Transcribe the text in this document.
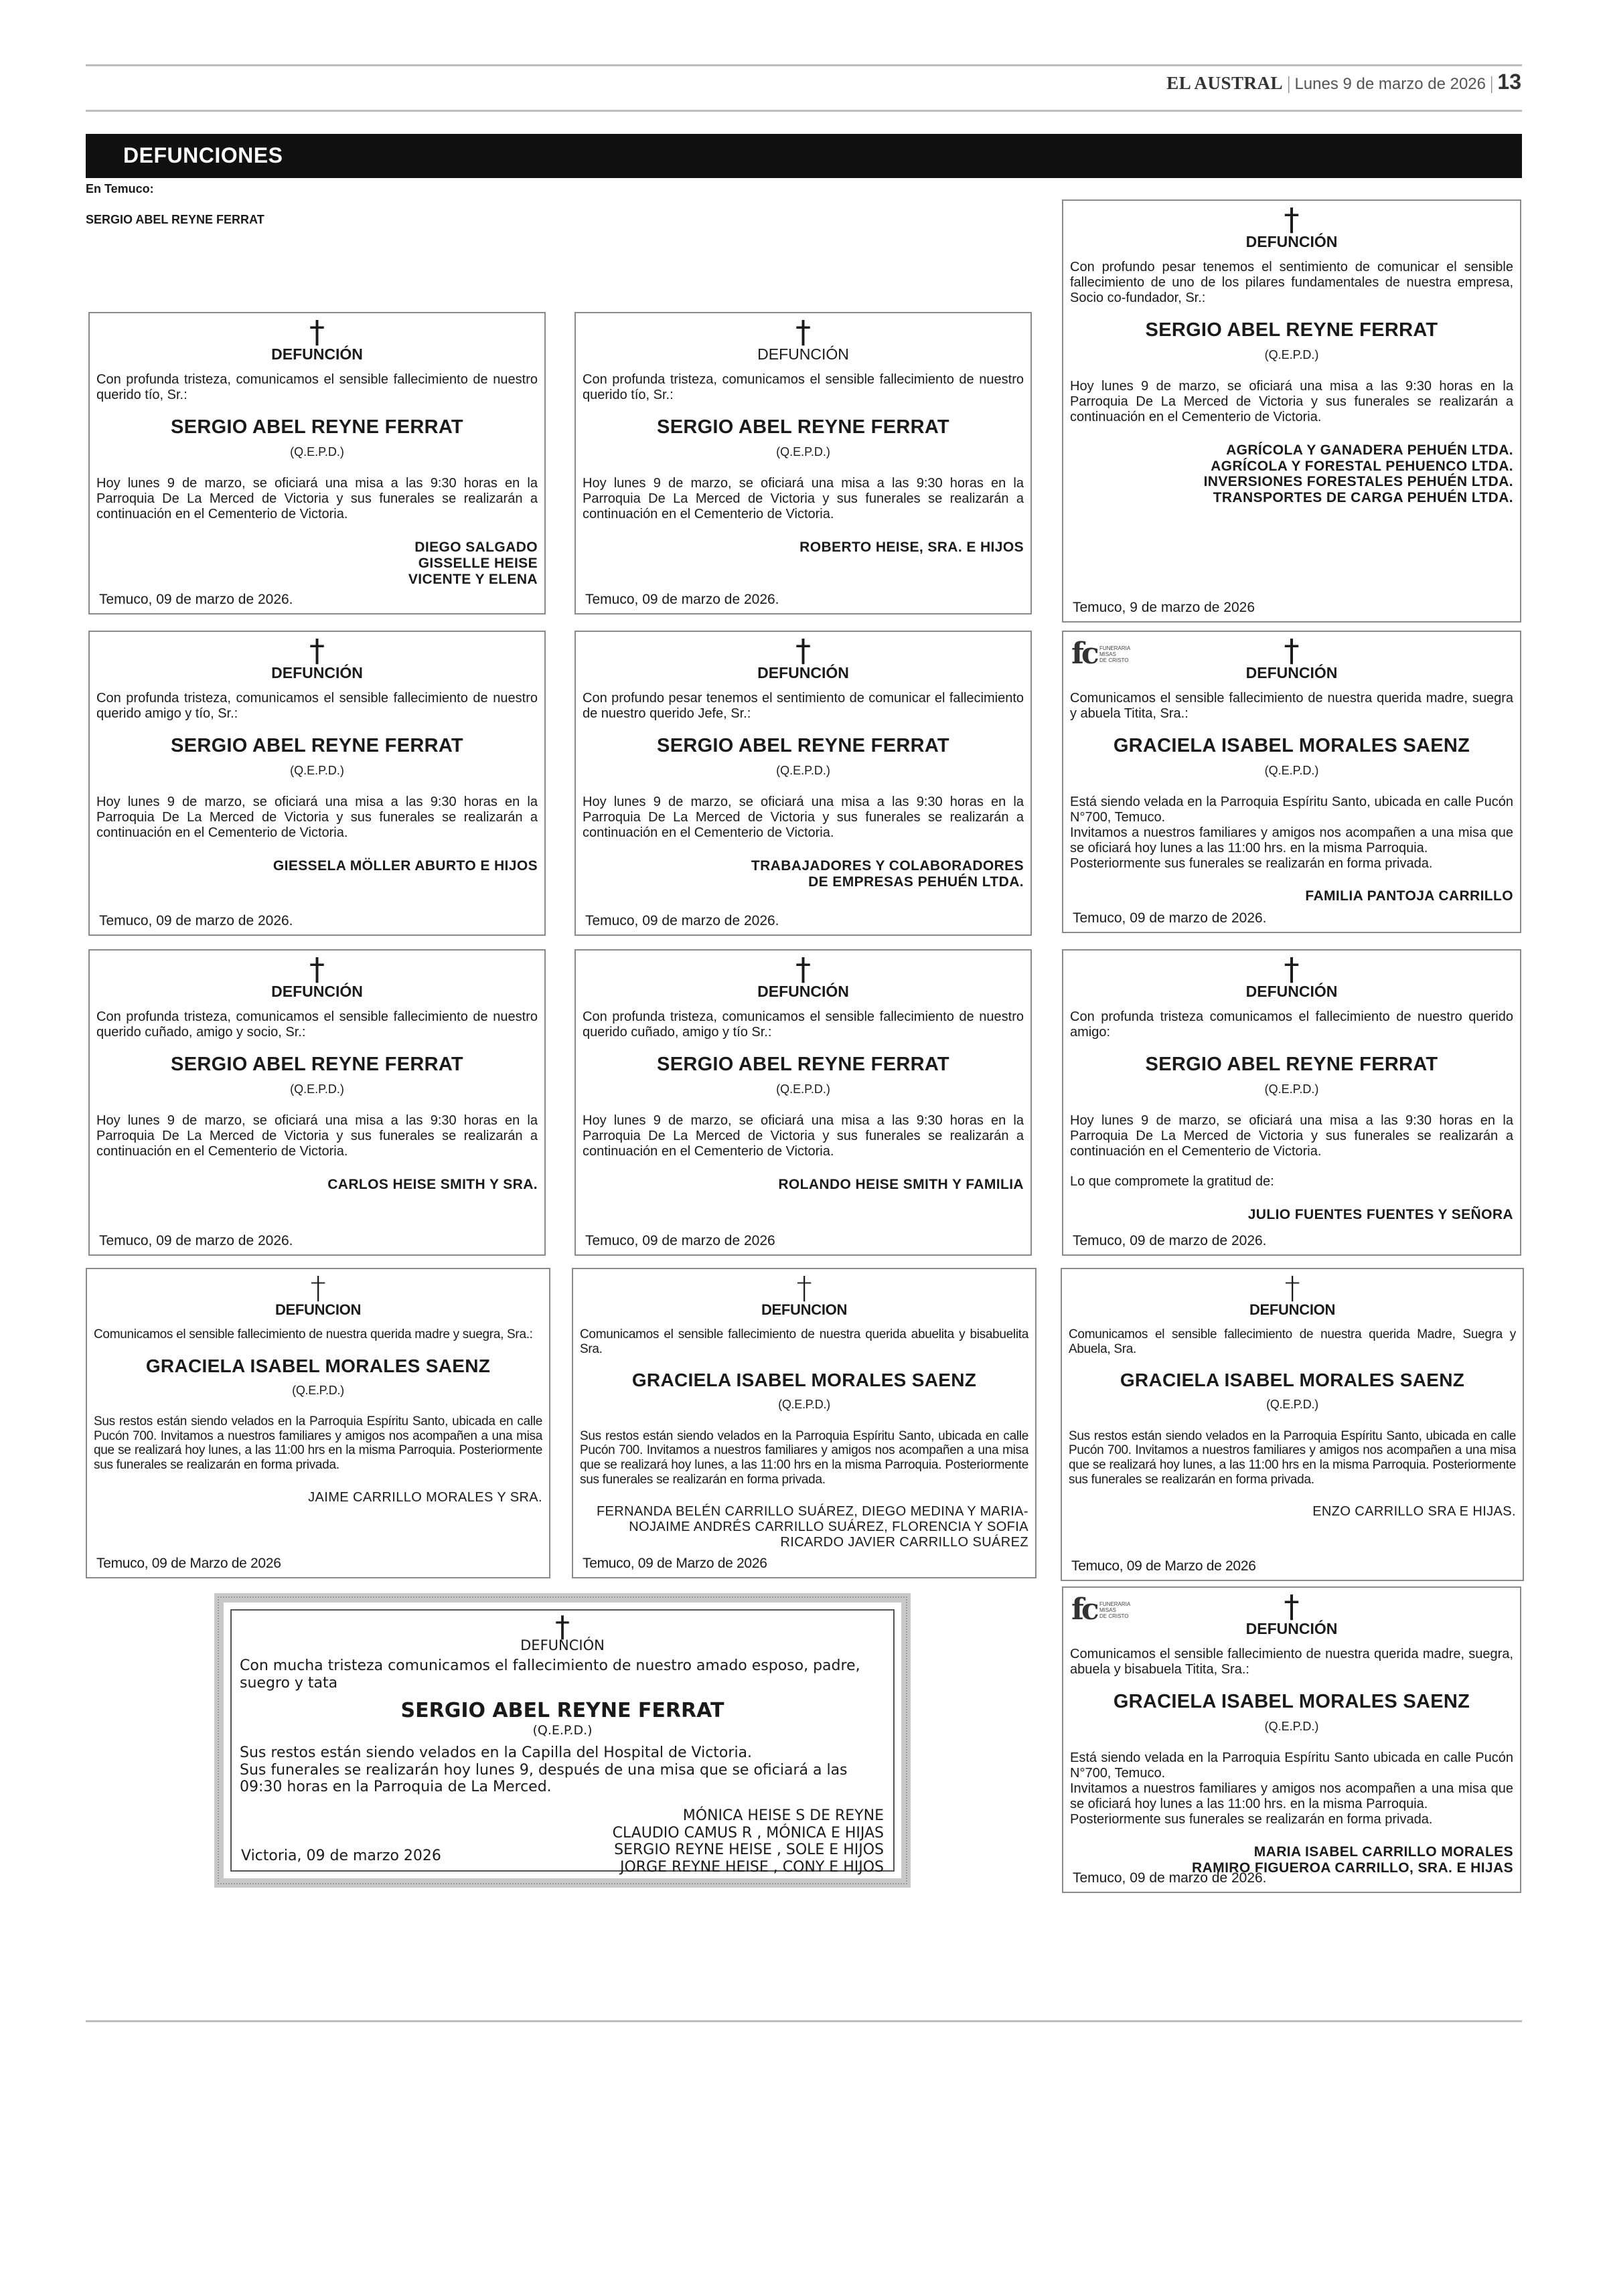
EL AUSTRAL | Lunes 9 de marzo de 2026 | 13
DEFUNCIONES
En Temuco:
SERGIO ABEL REYNE FERRAT
†
DEFUNCIÓN
Con profunda tristeza, comunicamos el sensible fallecimiento de nuestro querido tío, Sr.:
SERGIO ABEL REYNE FERRAT
(Q.E.P.D.)
Hoy lunes 9 de marzo, se oficiará una misa a las 9:30 horas en la Parroquia De La Merced de Victoria y sus funerales se realizarán a continuación en el Cementerio de Victoria.
DIEGO SALGADO
GISSELLE HEISE
VICENTE Y ELENA
Temuco, 09 de marzo de 2026.
†
DEFUNCIÓN
Con profunda tristeza, comunicamos el sensible fallecimiento de nuestro querido tío, Sr.:
SERGIO ABEL REYNE FERRAT
(Q.E.P.D.)
Hoy lunes 9 de marzo, se oficiará una misa a las 9:30 horas en la Parroquia De La Merced de Victoria y sus funerales se realizarán a continuación en el Cementerio de Victoria.
ROBERTO HEISE, SRA. E HIJOS
Temuco, 09 de marzo de 2026.
†
DEFUNCIÓN
Con profundo pesar tenemos el sentimiento de comunicar el sensible fallecimiento de uno de los pilares fundamentales de nuestra empresa, Socio co-fundador, Sr.:
SERGIO ABEL REYNE FERRAT
(Q.E.P.D.)
Hoy lunes 9 de marzo, se oficiará una misa a las 9:30 horas en la Parroquia De La Merced de Victoria y sus funerales se realizarán a continuación en el Cementerio de Victoria.
AGRÍCOLA Y GANADERA PEHUÉN LTDA.
AGRÍCOLA Y FORESTAL PEHUENCO LTDA.
INVERSIONES FORESTALES PEHUÉN LTDA.
TRANSPORTES DE CARGA PEHUÉN LTDA.
Temuco, 9 de marzo de 2026
†
DEFUNCIÓN
Con profunda tristeza, comunicamos el sensible fallecimiento de nuestro querido amigo y tío, Sr.:
SERGIO ABEL REYNE FERRAT
(Q.E.P.D.)
Hoy lunes 9 de marzo, se oficiará una misa a las 9:30 horas en la Parroquia De La Merced de Victoria y sus funerales se realizarán a continuación en el Cementerio de Victoria.
GIESSELA MÖLLER ABURTO E HIJOS
Temuco, 09 de marzo de 2026.
†
DEFUNCIÓN
Con profundo pesar tenemos el sentimiento de comunicar el fallecimiento de nuestro querido Jefe, Sr.:
SERGIO ABEL REYNE FERRAT
(Q.E.P.D.)
Hoy lunes 9 de marzo, se oficiará una misa a las 9:30 horas en la Parroquia De La Merced de Victoria y sus funerales se realizarán a continuación en el Cementerio de Victoria.
TRABAJADORES Y COLABORADORES
DE EMPRESAS PEHUÉN LTDA.
Temuco, 09 de marzo de 2026.
†
DEFUNCIÓN
Comunicamos el sensible fallecimiento de nuestra querida madre, suegra y abuela Titita, Sra.:
GRACIELA ISABEL MORALES SAENZ
(Q.E.P.D.)
Está siendo velada en la Parroquia Espíritu Santo, ubicada en calle Pucón N°700, Temuco.
Invitamos a nuestros familiares y amigos nos acompañen a una misa que se oficiará hoy lunes a las 11:00 hrs. en la misma Parroquia.
Posteriormente sus funerales se realizarán en forma privada.
FAMILIA PANTOJA CARRILLO
Temuco, 09 de marzo de 2026.
fc FUNERARIA
MISAS
DE CRISTO
†
DEFUNCIÓN
Con profunda tristeza, comunicamos el sensible fallecimiento de nuestro querido cuñado, amigo y socio, Sr.:
SERGIO ABEL REYNE FERRAT
(Q.E.P.D.)
Hoy lunes 9 de marzo, se oficiará una misa a las 9:30 horas en la Parroquia De La Merced de Victoria y sus funerales se realizarán a continuación en el Cementerio de Victoria.
CARLOS HEISE SMITH Y SRA.
Temuco, 09 de marzo de 2026.
†
DEFUNCIÓN
Con profunda tristeza, comunicamos el sensible fallecimiento de nuestro querido cuñado, amigo y tío Sr.:
SERGIO ABEL REYNE FERRAT
(Q.E.P.D.)
Hoy lunes 9 de marzo, se oficiará una misa a las 9:30 horas en la Parroquia De La Merced de Victoria y sus funerales se realizarán a continuación en el Cementerio de Victoria.
ROLANDO HEISE SMITH Y FAMILIA
Temuco, 09 de marzo de 2026
†
DEFUNCIÓN
Con profunda tristeza comunicamos el fallecimiento de nuestro querido amigo:
SERGIO ABEL REYNE FERRAT
(Q.E.P.D.)
Hoy lunes 9 de marzo, se oficiará una misa a las 9:30 horas en la Parroquia De La Merced de Victoria y sus funerales se realizarán a continuación en el Cementerio de Victoria.
Lo que compromete la gratitud de:
JULIO FUENTES FUENTES Y SEÑORA
Temuco, 09 de marzo de 2026.
†
DEFUNCION
Comunicamos el sensible fallecimiento de nuestra querida madre y suegra, Sra.:
GRACIELA ISABEL MORALES SAENZ
(Q.E.P.D.)
Sus restos están siendo velados en la Parroquia Espíritu Santo, ubicada en calle Pucón 700. Invitamos a nuestros familiares y amigos nos acompañen a una misa que se realizará hoy lunes, a las 11:00 hrs en la misma Parroquia. Posteriormente sus funerales se realizarán en forma privada.
JAIME CARRILLO MORALES Y SRA.
Temuco, 09 de Marzo de 2026
†
DEFUNCION
Comunicamos el sensible fallecimiento de nuestra querida abuelita y bisabuelita Sra.
GRACIELA ISABEL MORALES SAENZ
(Q.E.P.D.)
Sus restos están siendo velados en la Parroquia Espíritu Santo, ubicada en calle Pucón 700. Invitamos a nuestros familiares y amigos nos acompañen a una misa que se realizará hoy lunes, a las 11:00 hrs en la misma Parroquia. Posteriormente sus funerales se realizarán en forma privada.
FERNANDA BELÉN CARRILLO SUÁREZ, DIEGO MEDINA Y MARIA-
NOJAIME ANDRÉS CARRILLO SUÁREZ, FLORENCIA Y SOFIA
RICARDO JAVIER CARRILLO SUÁREZ
Temuco, 09 de Marzo de 2026
†
DEFUNCION
Comunicamos el sensible fallecimiento de nuestra querida Madre, Suegra y Abuela, Sra.
GRACIELA ISABEL MORALES SAENZ
(Q.E.P.D.)
Sus restos están siendo velados en la Parroquia Espíritu Santo, ubicada en calle Pucón 700. Invitamos a nuestros familiares y amigos nos acompañen a una misa que se realizará hoy lunes, a las 11:00 hrs en la misma Parroquia. Posteriormente sus funerales se realizarán en forma privada.
ENZO CARRILLO SRA E HIJAS.
Temuco, 09 de Marzo de 2026
†
DEFUNCIÓN
Comunicamos el sensible fallecimiento de nuestra querida madre, suegra, abuela y bisabuela Titita, Sra.:
GRACIELA ISABEL MORALES SAENZ
(Q.E.P.D.)
Está siendo velada en la Parroquia Espíritu Santo ubicada en calle Pucón N°700, Temuco.
Invitamos a nuestros familiares y amigos nos acompañen a una misa que se oficiará hoy lunes a las 11:00 hrs. en la misma Parroquia.
Posteriormente sus funerales se realizarán en forma privada.
MARIA ISABEL CARRILLO MORALES
RAMIRO FIGUEROA CARRILLO, SRA. E HIJAS
Temuco, 09 de marzo de 2026.
fc FUNERARIA
MISAS
DE CRISTO
†
DEFUNCIÓN
Con mucha tristeza comunicamos el fallecimiento de nuestro amado esposo, padre, suegro y tata
SERGIO ABEL REYNE FERRAT
(Q.E.P.D.)
Sus restos están siendo velados en la Capilla del Hospital de Victoria.
Sus funerales se realizarán hoy lunes 9, después de una misa que se oficiará a las 09:30 horas en la Parroquia de La Merced.
MÓNICA HEISE S DE REYNE
CLAUDIO CAMUS R , MÓNICA E HIJAS
SERGIO REYNE HEISE , SOLE E HIJOS
JORGE REYNE HEISE , CONY E HIJOS
Victoria, 09 de marzo 2026
